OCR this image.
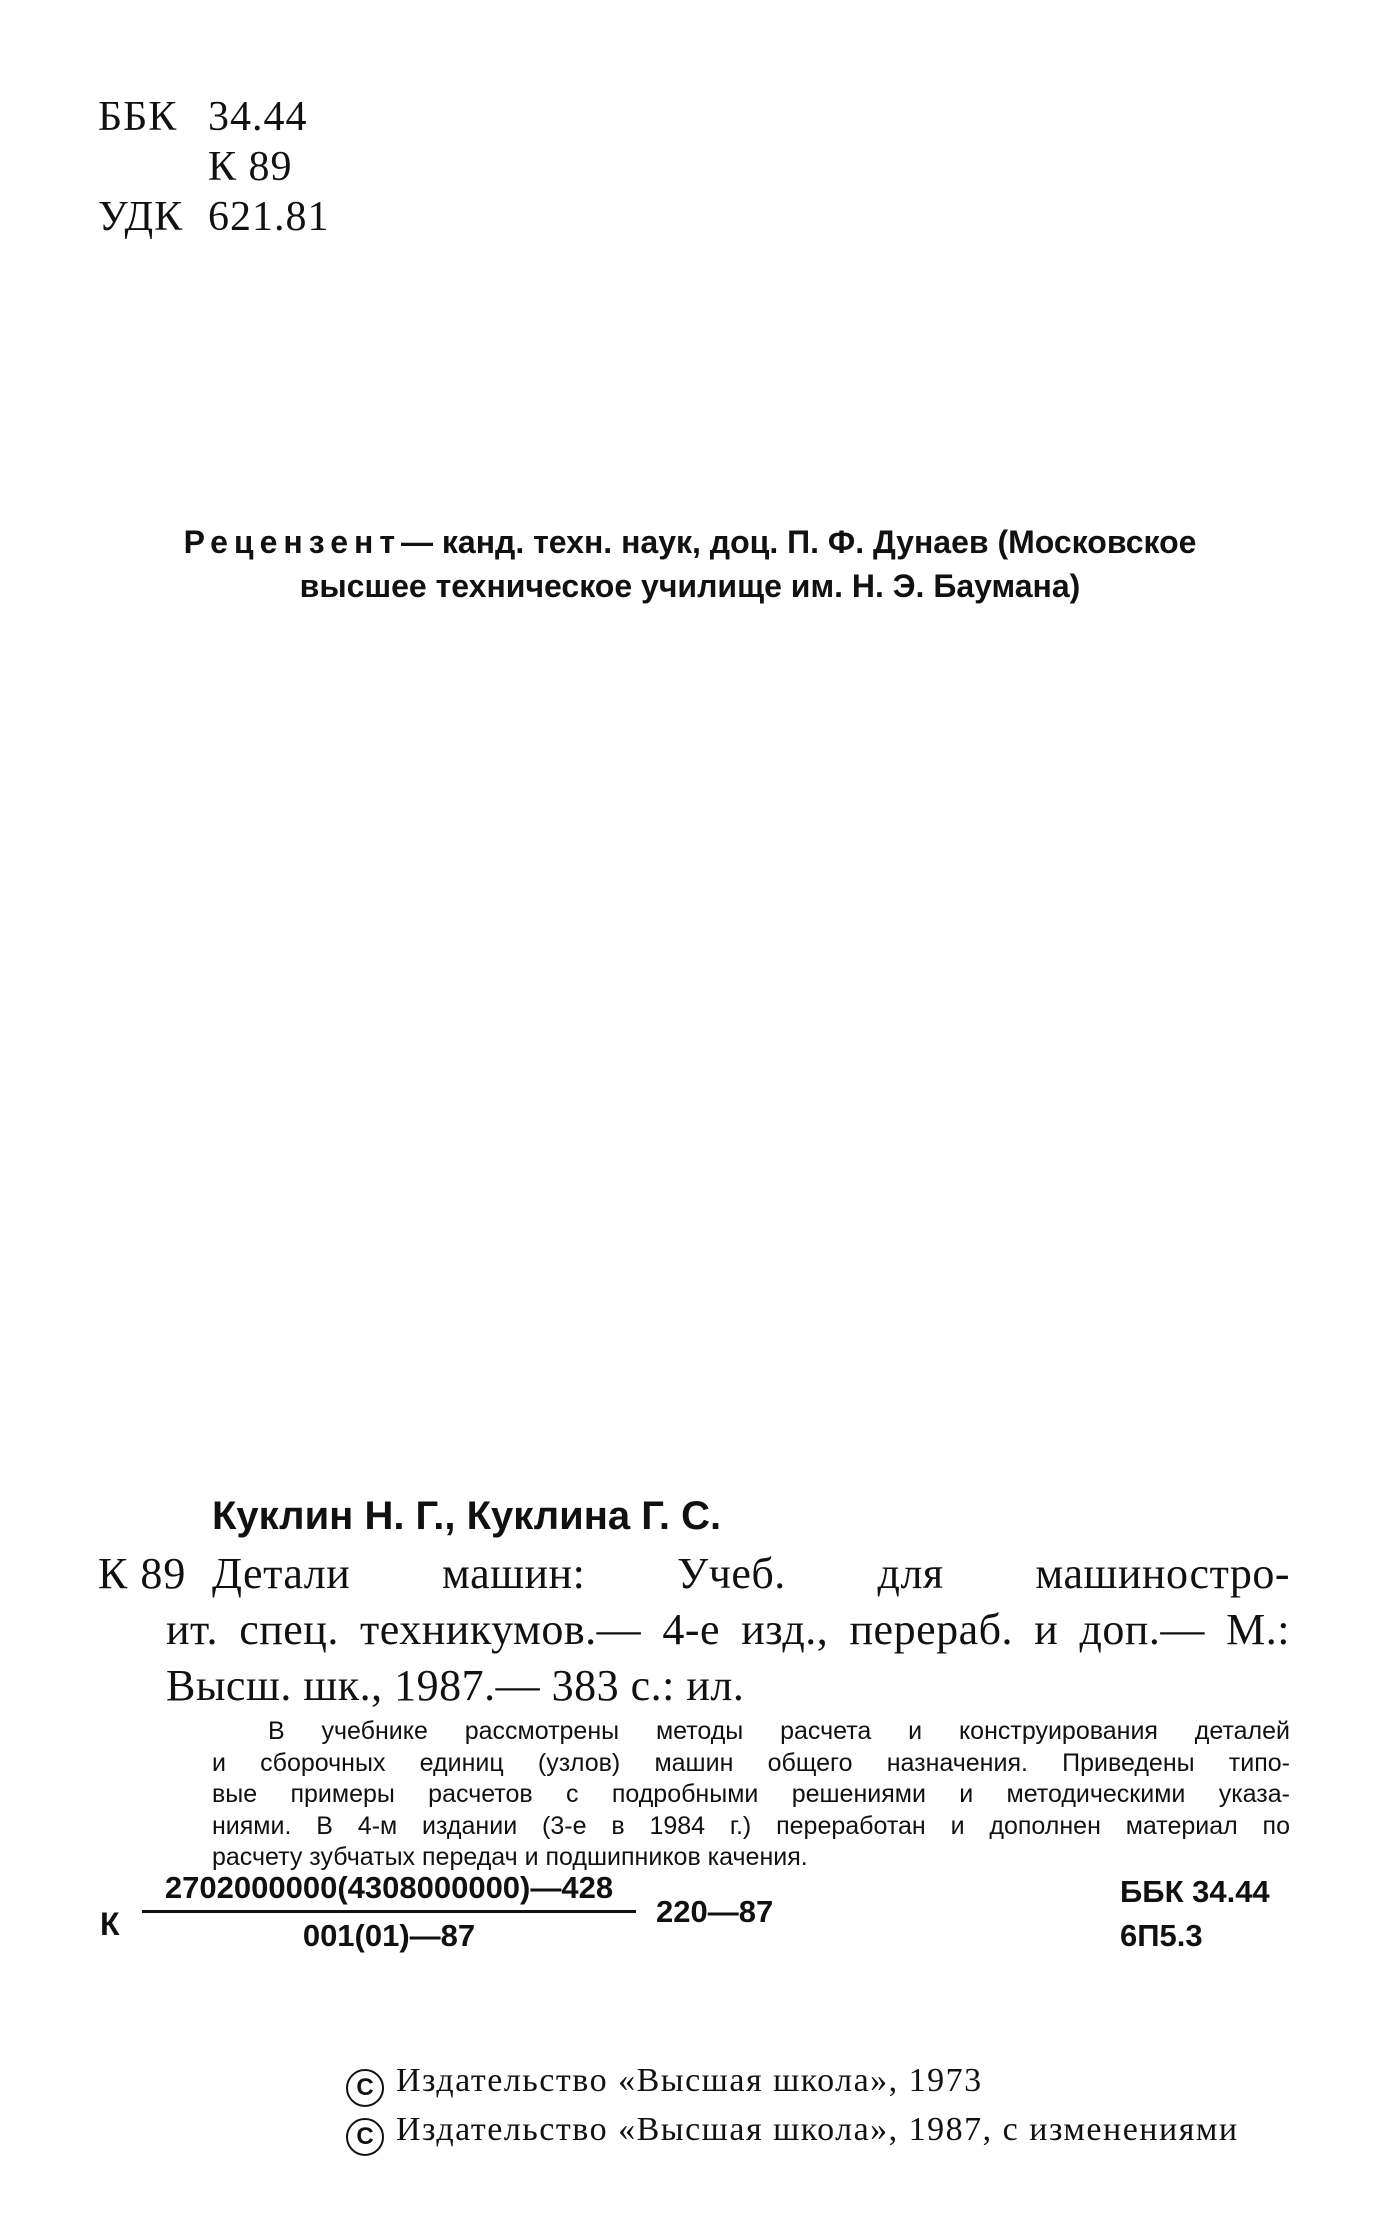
ББК 34.44
К 89
УДК 621.81
Рецензент— канд. техн. наук, доц. П. Ф. Дунаев (Московское
высшее техническое училище им. Н. Э. Баумана)
Куклин Н. Г., Куклина Г. С.
К 89 Детали машин: Учеб. для машиностро-
ит. спец. техникумов.— 4-е изд., перераб. и доп.— М.:
Высш. шк., 1987.— 383 с.: ил.
В учебнике рассмотрены методы расчета и конструирования деталей
и сборочных единиц (узлов) машин общего назначения. Приведены типо-
вые примеры расчетов с подробными решениями и методическими указа-
ниями. В 4-м издании (3-е в 1984 г.) переработан и дополнен материал по
расчету зубчатых передач и подшипников качения.
К
2702000000(4308000000)—428
001(01)—87
220—87
ББК 34.44
6П5.3
С Издательство «Высшая школа», 1973
С Издательство «Высшая школа», 1987, с изменениями
